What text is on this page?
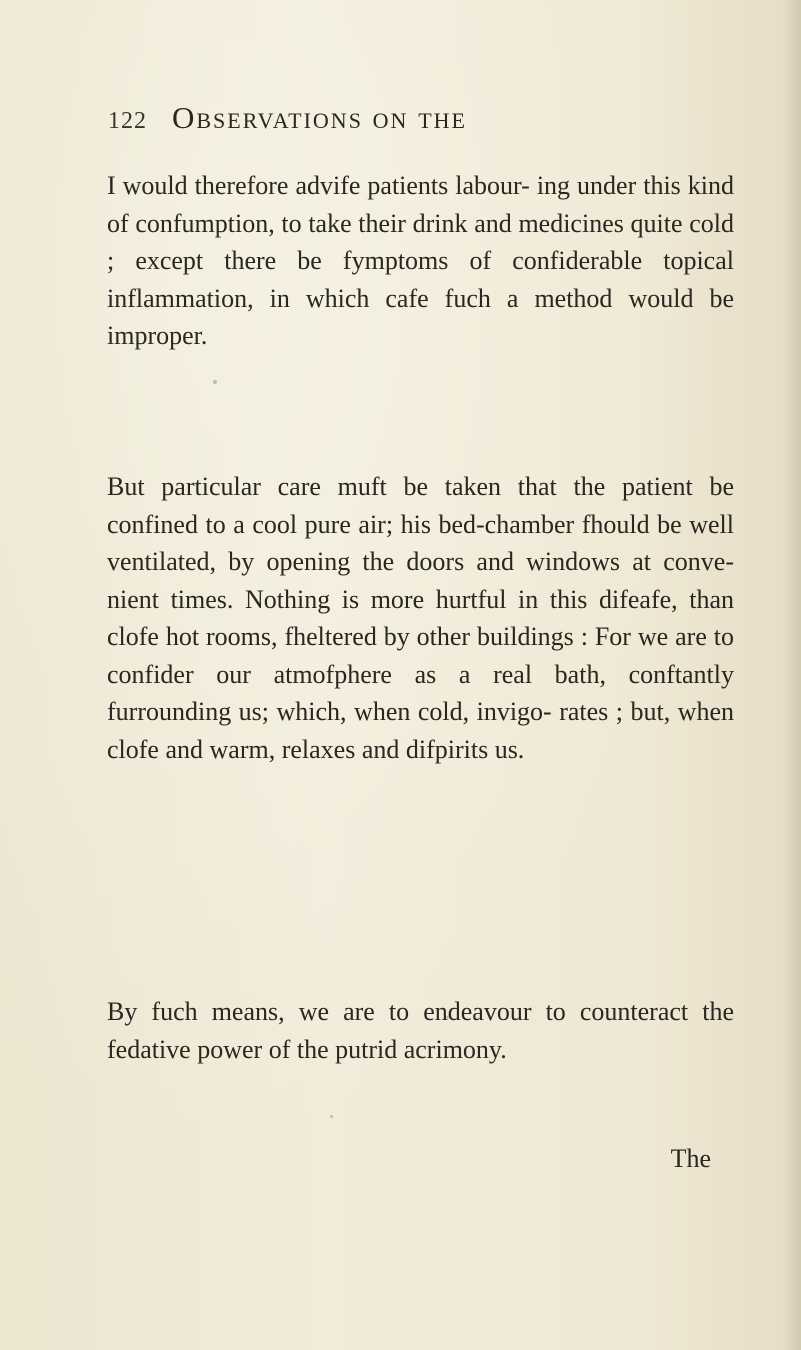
122 Observations on the

I would therefore advife patients labour- ing under this kind of confumption, to take their drink and medicines quite cold ; except there be fymptoms of confiderable topical inflammation, in which cafe fuch a method would be improper.

But particular care muft be taken that the patient be confined to a cool pure air; his bed-chamber fhould be well ventilated, by opening the doors and windows at conve- nient times. Nothing is more hurtful in this difeafe, than clofe hot rooms, fheltered by other buildings : For we are to confider our atmofphere as a real bath, conftantly furrounding us; which, when cold, invigo- rates ; but, when clofe and warm, relaxes and difpirits us.

By fuch means, we are to endeavour to counteract the fedative power of the putrid acrimony.

The
